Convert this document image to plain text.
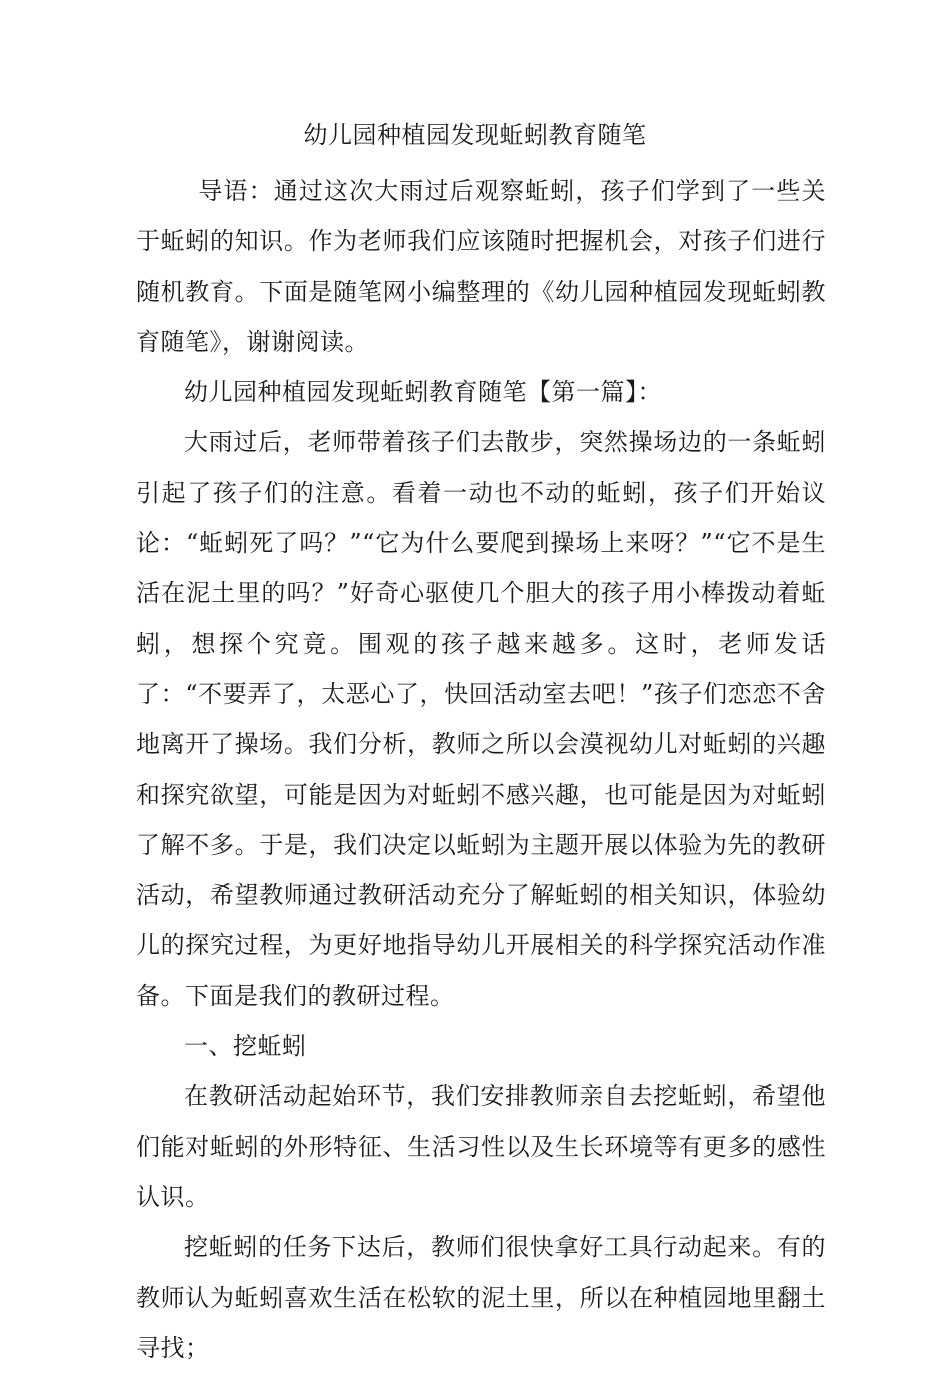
幼儿园种植园发现蚯蚓教育随笔

导语：通过这次大雨过后观察蚯蚓，孩子们学到了一些关于蚯蚓的知识。作为老师我们应该随时把握机会，对孩子们进行随机教育。下面是随笔网小编整理的《幼儿园种植园发现蚯蚓教育随笔》，谢谢阅读。

幼儿园种植园发现蚯蚓教育随笔【第一篇】：

大雨过后，老师带着孩子们去散步，突然操场边的一条蚯蚓引起了孩子们的注意。看着一动也不动的蚯蚓，孩子们开始议论：“蚯蚓死了吗？”“它为什么要爬到操场上来呀？”“它不是生活在泥土里的吗？”好奇心驱使几个胆大的孩子用小棒拨动着蚯蚓，想探个究竟。围观的孩子越来越多。这时，老师发话了：“不要弄了，太恶心了，快回活动室去吧！”孩子们恋恋不舍地离开了操场。我们分析，教师之所以会漠视幼儿对蚯蚓的兴趣和探究欲望，可能是因为对蚯蚓不感兴趣，也可能是因为对蚯蚓了解不多。于是，我们决定以蚯蚓为主题开展以体验为先的教研活动，希望教师通过教研活动充分了解蚯蚓的相关知识，体验幼儿的探究过程，为更好地指导幼儿开展相关的科学探究活动作准备。下面是我们的教研过程。

一、挖蚯蚓

在教研活动起始环节，我们安排教师亲自去挖蚯蚓，希望他们能对蚯蚓的外形特征、生活习性以及生长环境等有更多的感性认识。

挖蚯蚓的任务下达后，教师们很快拿好工具行动起来。有的教师认为蚯蚓喜欢生活在松软的泥土里，所以在种植园地里翻土寻找；
